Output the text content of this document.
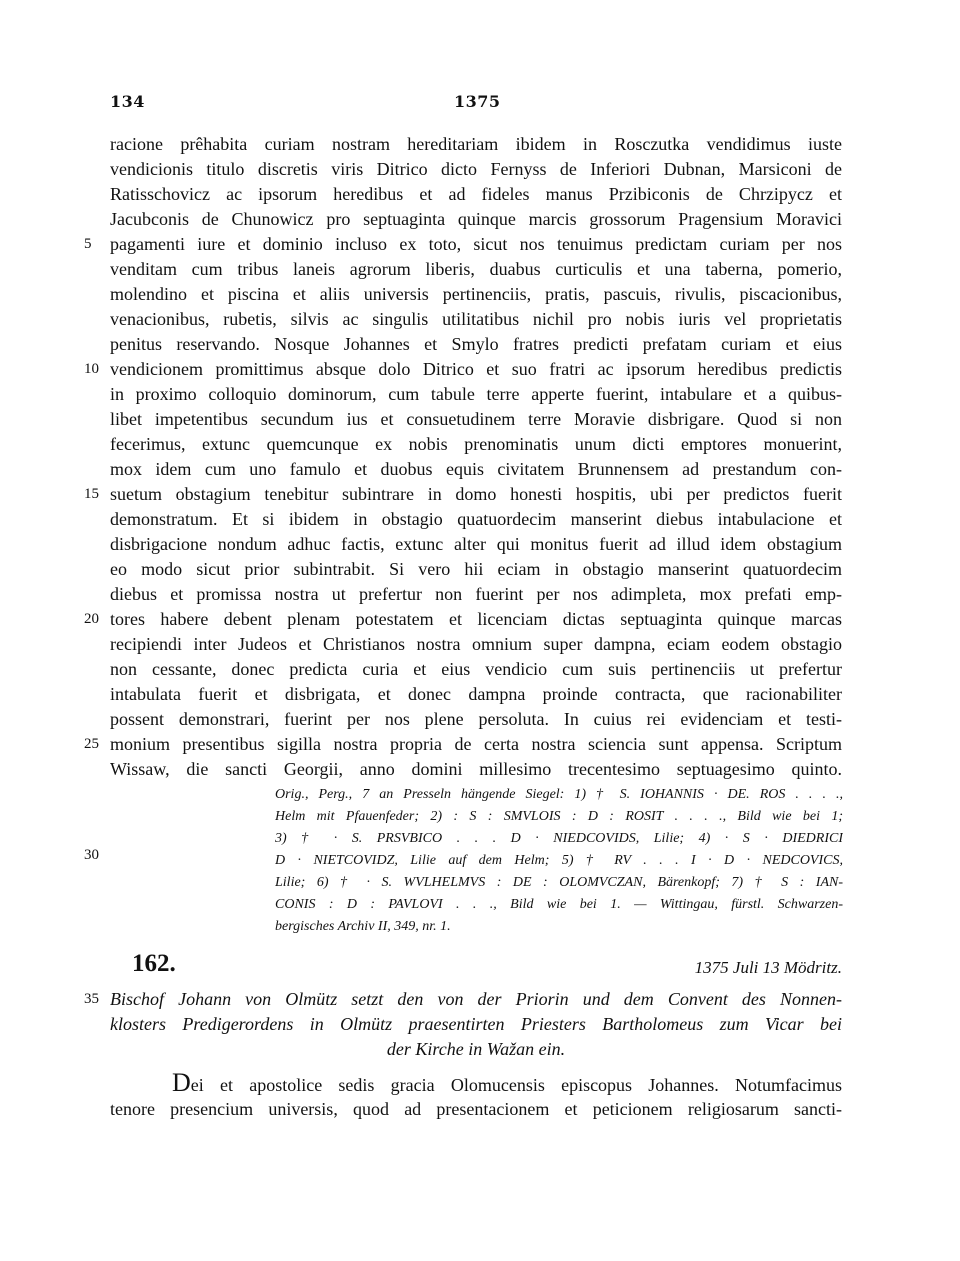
134	1375
racione prêhabita curiam nostram hereditariam ibidem in Rosczutka vendidimus iuste
vendicionis titulo discretis viris Ditrico dicto Fernyss de Inferiori Dubnan, Marsiconi de
Ratisschovicz ac ipsorum heredibus et ad fideles manus Przibiconis de Chrzipycz et
Jacubconis de Chunowicz pro septuaginta quinque marcis grossorum Pragensium Moravici
pagamenti iure et dominio incluso ex toto, sicut nos tenuimus predictam curiam per nos
venditam cum tribus laneis agrorum liberis, duabus curticulis et una taberna, pomerio,
molendino et piscina et aliis universis pertinenciis, pratis, pascuis, rivulis, piscacionibus,
venacionibus, rubetis, silvis ac singulis utilitatibus nichil pro nobis iuris vel proprietatis
penitus reservando. Nosque Johannes et Smylo fratres predicti prefatam curiam et eius
vendicionem promittimus absque dolo Ditrico et suo fratri ac ipsorum heredibus predictis
in proximo colloquio dominorum, cum tabule terre apperte fuerint, intabulare et a quibus-
libet impetentibus secundum ius et consuetudinem terre Moravie disbrigare. Quod si non
fecerimus, extunc quemcunque ex nobis prenominatis unum dicti emptores monuerint,
mox idem cum uno famulo et duobus equis civitatem Brunnensem ad prestandum con-
suetum obstagium tenebitur subintrare in domo honesti hospitis, ubi per predictos fuerit
demonstratum. Et si ibidem in obstagio quatuordecim manserint diebus intabulacione et
disbrigacione nondum adhuc factis, extunc alter qui monitus fuerit ad illud idem obstagium
eo modo sicut prior subintrabit. Si vero hii eciam in obstagio manserint quatuordecim
diebus et promissa nostra ut prefertur non fuerint per nos adimpleta, mox prefati emp-
tores habere debent plenam potestatem et licenciam dictas septuaginta quinque marcas
recipiendi inter Judeos et Christianos nostra omnium super dampna, eciam eodem obstagio
non cessante, donec predicta curia et eius vendicio cum suis pertinenciis ut prefertur
intabulata fuerit et disbrigata, et donec dampna proinde contracta, que racionabiliter
possent demonstrari, fuerint per nos plene persoluta. In cuius rei evidenciam et testi-
monium presentibus sigilla nostra propria de certa nostra sciencia sunt appensa. Scriptum
Wissaw, die sancti Georgii, anno domini millesimo trecentesimo septuagesimo quinto.
5
10
15
20
25
30
35
Orig., Perg., 7 an Presseln hängende Siegel: 1) † S. IOHANNIS · DE. ROS . . . .,
Helm mit Pfauenfeder; 2) : S : SMVLOIS : D : ROSIT . . . ., Bild wie bei 1;
3) † · S. PRSVBICO . . . D · NIEDCOVIDS, Lilie; 4) · S · DIEDRICI
D · NIETCOVIDZ, Lilie auf dem Helm; 5) † RV . . . I · D · NEDCOVICS,
Lilie; 6) † · S. WVLHELMVS : DE : OLOMVCZAN, Bärenkopf; 7) † S : IAN-
CONIS : D : PAVLOVI . . ., Bild wie bei 1. — Wittingau, fürstl. Schwarzen-
bergisches Archiv II, 349, nr. 1.
162.	1375 Juli 13 Mödritz.
Bischof Johann von Olmütz setzt den von der Priorin und dem Convent des Nonnen-
klosters Predigerordens in Olmütz praesentirten Priesters Bartholomeus zum Vicar bei
der Kirche in Wažan ein.
Dei et apostolice sedis gracia Olomucensis episcopus Johannes. Notumfacimus
tenore presencium universis, quod ad presentacionem et peticionem religiosarum sancti-
